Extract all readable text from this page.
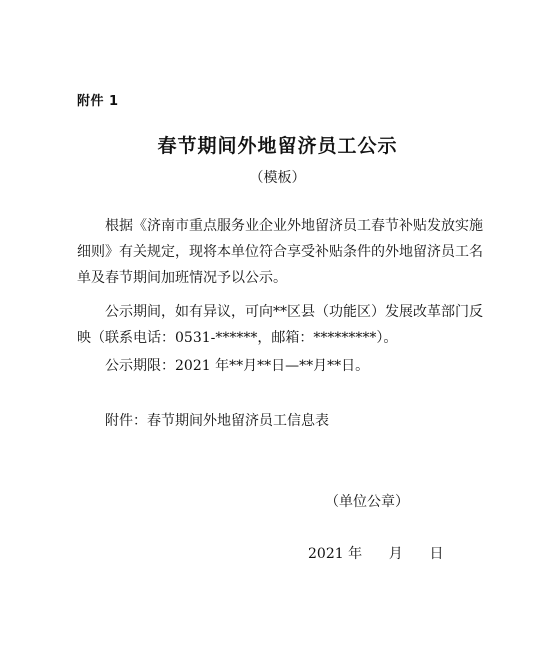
附件 1
春节期间外地留济员工公示
（模板）

根据《济南市重点服务业企业外地留济员工春节补贴发放实施细则》有关规定，现将本单位符合享受补贴条件的外地留济员工名单及春节期间加班情况予以公示。

公示期间，如有异议，可向**区县（功能区）发展改革部门反映（联系电话：0531-******，邮箱：*********）。

公示期限：2021 年**月**日—**月**日。

附件：春节期间外地留济员工信息表
（单位公章）
2021 年      月      日
